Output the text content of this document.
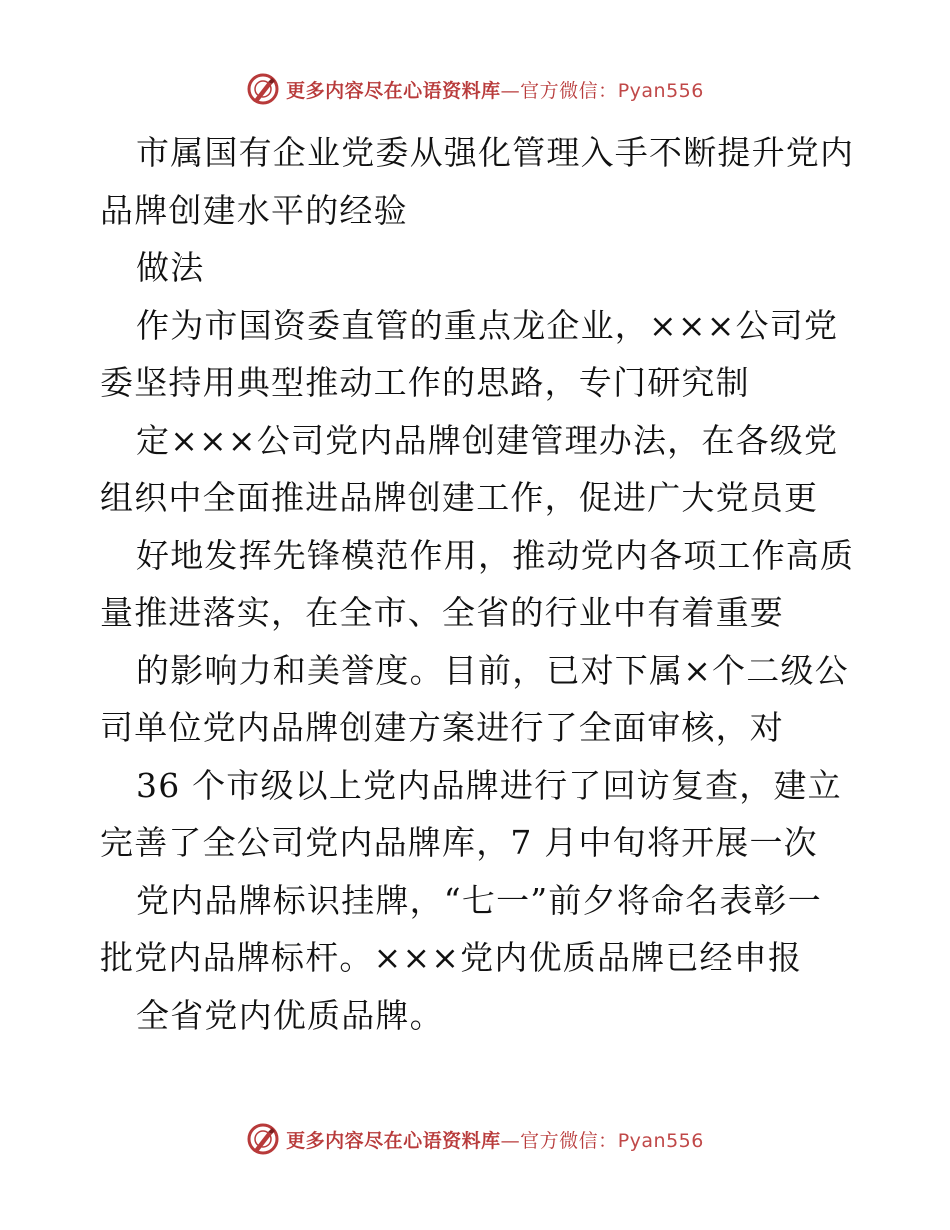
更多内容尽在心语资料库—官方微信：Pyan556
市属国有企业党委从强化管理入手不断提升党内
品牌创建水平的经验
做法
作为市国资委直管的重点龙企业，×××公司党
委坚持用典型推动工作的思路，专门研究制
定×××公司党内品牌创建管理办法，在各级党
组织中全面推进品牌创建工作，促进广大党员更
好地发挥先锋模范作用，推动党内各项工作高质
量推进落实，在全市、全省的行业中有着重要
的影响力和美誉度。目前，已对下属×个二级公
司单位党内品牌创建方案进行了全面审核，对
36 个市级以上党内品牌进行了回访复查，建立
完善了全公司党内品牌库，7 月中旬将开展一次
党内品牌标识挂牌，“七一”前夕将命名表彰一
批党内品牌标杆。×××党内优质品牌已经申报
全省党内优质品牌。
更多内容尽在心语资料库—官方微信：Pyan556
